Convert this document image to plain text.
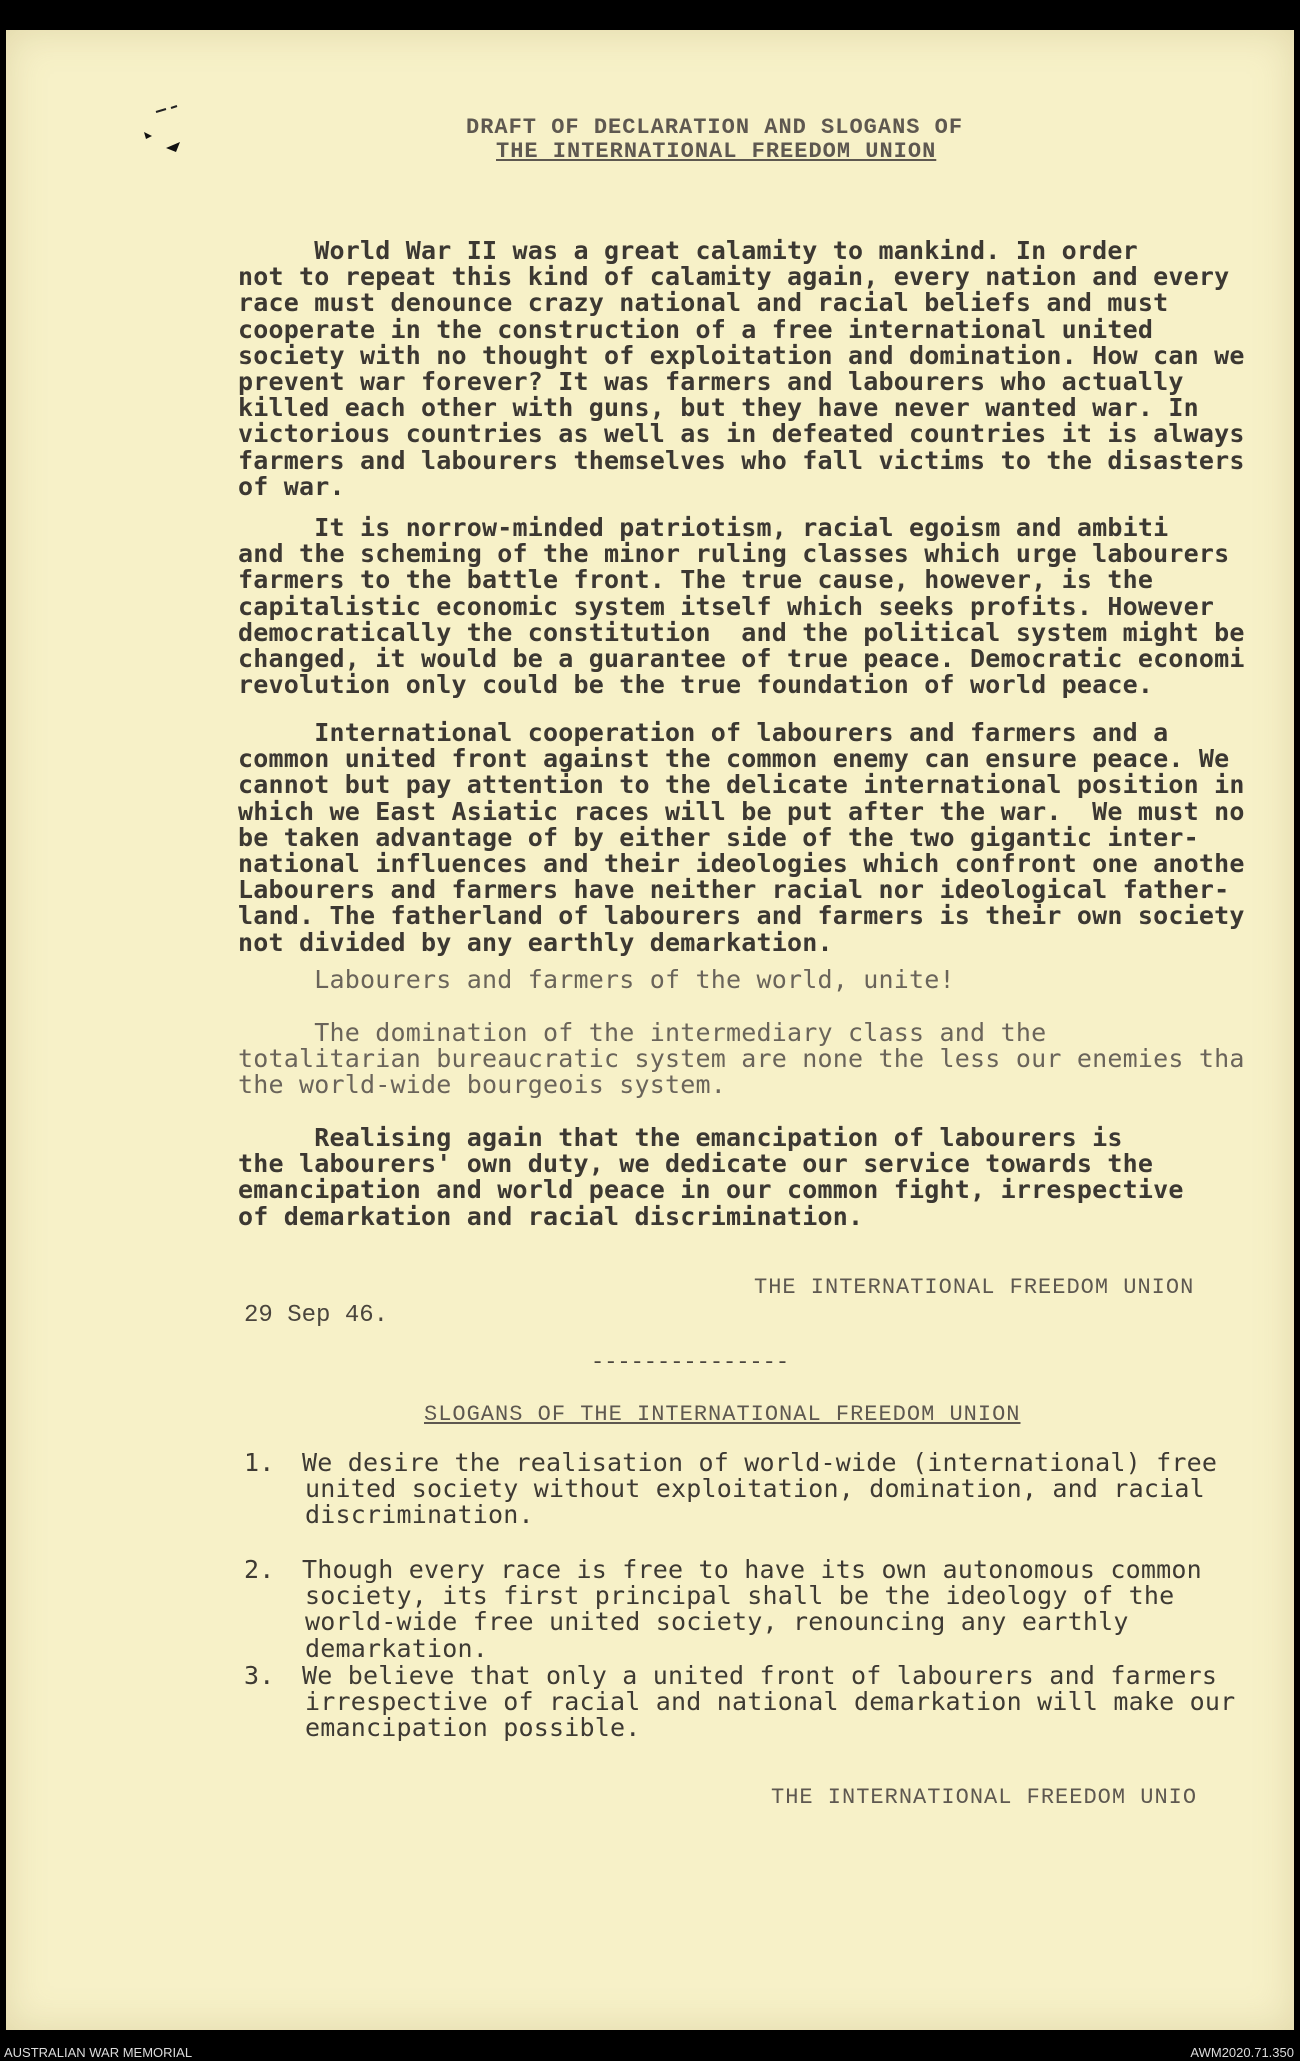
DRAFT OF DECLARATION AND SLOGANS OF
THE INTERNATIONAL FREEDOM UNION
World War II was a great calamity to mankind. In order
not to repeat this kind of calamity again, every nation and every
race must denounce crazy national and racial beliefs and must
cooperate in the construction of a free international united
society with no thought of exploitation and domination. How can we
prevent war forever? It was farmers and labourers who actually
killed each other with guns, but they have never wanted war. In
victorious countries as well as in defeated countries it is always
farmers and labourers themselves who fall victims to the disasters
of war.
It is norrow-minded patriotism, racial egoism and ambiti
and the scheming of the minor ruling classes which urge labourers
farmers to the battle front. The true cause, however, is the
capitalistic economic system itself which seeks profits. However
democratically the constitution  and the political system might be
changed, it would be a guarantee of true peace. Democratic economi
revolution only could be the true foundation of world peace.
International cooperation of labourers and farmers and a
common united front against the common enemy can ensure peace. We
cannot but pay attention to the delicate international position in
which we East Asiatic races will be put after the war.  We must no
be taken advantage of by either side of the two gigantic inter-
national influences and their ideologies which confront one anothe
Labourers and farmers have neither racial nor ideological father-
land. The fatherland of labourers and farmers is their own society
not divided by any earthly demarkation.
Labourers and farmers of the world, unite!
The domination of the intermediary class and the
totalitarian bureaucratic system are none the less our enemies tha
the world-wide bourgeois system.
Realising again that the emancipation of labourers is
the labourers' own duty, we dedicate our service towards the
emancipation and world peace in our common fight, irrespective
of demarkation and racial discrimination.
THE INTERNATIONAL FREEDOM UNION
29 Sep 46.
---------------
SLOGANS OF THE INTERNATIONAL FREEDOM UNION
1. We desire the realisation of world-wide (international) free
united society without exploitation, domination, and racial
discrimination.
2. Though every race is free to have its own autonomous common
society, its first principal shall be the ideology of the
world-wide free united society, renouncing any earthly
demarkation.
3. We believe that only a united front of labourers and farmers
irrespective of racial and national demarkation will make our
emancipation possible.
THE INTERNATIONAL FREEDOM UNIO
AUSTRALIAN WAR MEMORIAL	AWM2020.71.350
